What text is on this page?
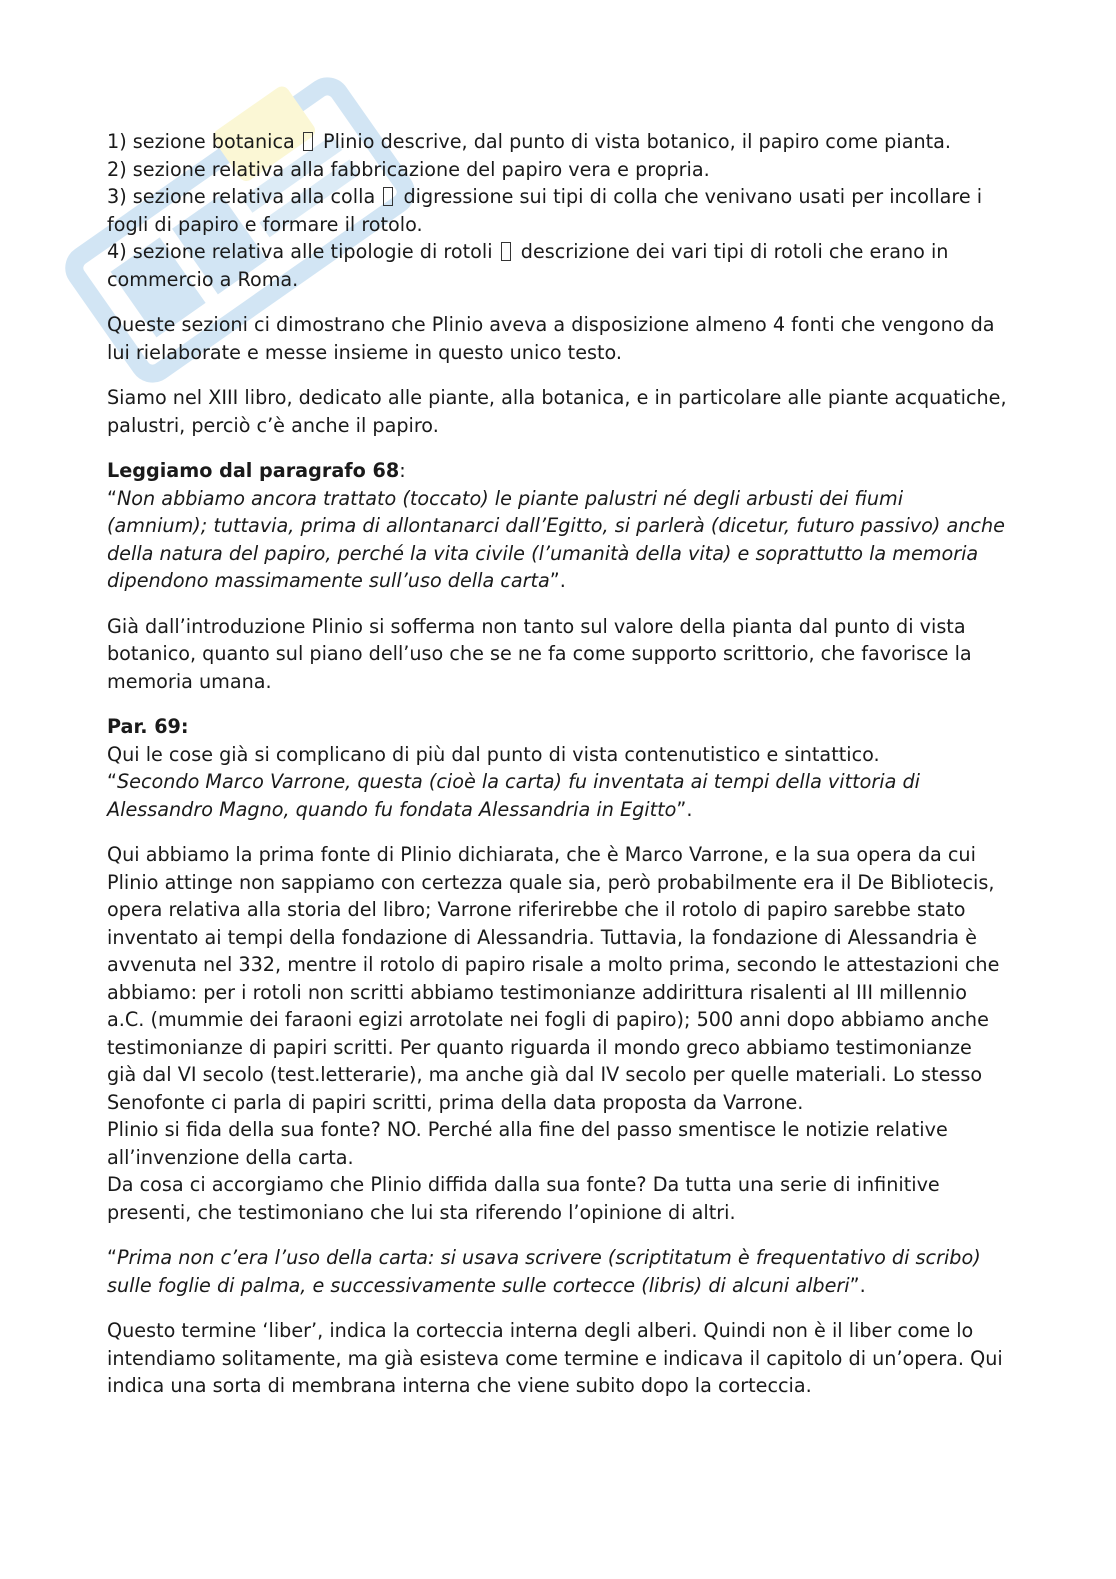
1) sezione botanica Plinio descrive, dal punto di vista botanico, il papiro come pianta.

2) sezione relativa alla fabbricazione del papiro vera e propria.

3) sezione relativa alla colla digressione sui tipi di colla che venivano usati per incollare i fogli di papiro e formare il rotolo.

4) sezione relativa alle tipologie di rotoli descrizione dei vari tipi di rotoli che erano in commercio a Roma.

Queste sezioni ci dimostrano che Plinio aveva a disposizione almeno 4 fonti che vengono da lui rielaborate e messe insieme in questo unico testo.

Siamo nel XIII libro, dedicato alle piante, alla botanica, e in particolare alle piante acquatiche, palustri, perciò c’è anche il papiro.

Leggiamo dal paragrafo 68:
“Non abbiamo ancora trattato (toccato) le piante palustri né degli arbusti dei fiumi (amnium); tuttavia, prima di allontanarci dall’Egitto, si parlerà (dicetur, futuro passivo) anche della natura del papiro, perché la vita civile (l’umanità della vita) e soprattutto la memoria dipendono massimamente sull’uso della carta”.

Già dall’introduzione Plinio si sofferma non tanto sul valore della pianta dal punto di vista botanico, quanto sul piano dell’uso che se ne fa come supporto scrittorio, che favorisce la memoria umana.

Par. 69:
Qui le cose già si complicano di più dal punto di vista contenutistico e sintattico.
“Secondo Marco Varrone, questa (cioè la carta) fu inventata ai tempi della vittoria di Alessandro Magno, quando fu fondata Alessandria in Egitto”.

Qui abbiamo la prima fonte di Plinio dichiarata, che è Marco Varrone, e la sua opera da cui Plinio attinge non sappiamo con certezza quale sia, però probabilmente era il De Bibliotecis, opera relativa alla storia del libro; Varrone riferirebbe che il rotolo di papiro sarebbe stato inventato ai tempi della fondazione di Alessandria. Tuttavia, la fondazione di Alessandria è avvenuta nel 332, mentre il rotolo di papiro risale a molto prima, secondo le attestazioni che abbiamo: per i rotoli non scritti abbiamo testimonianze addirittura risalenti al III millennio a.C. (mummie dei faraoni egizi arrotolate nei fogli di papiro); 500 anni dopo abbiamo anche testimonianze di papiri scritti. Per quanto riguarda il mondo greco abbiamo testimonianze già dal VI secolo (test.letterarie), ma anche già dal IV secolo per quelle materiali. Lo stesso Senofonte ci parla di papiri scritti, prima della data proposta da Varrone.

Plinio si fida della sua fonte? NO. Perché alla fine del passo smentisce le notizie relative all’invenzione della carta.

Da cosa ci accorgiamo che Plinio diffida dalla sua fonte? Da tutta una serie di infinitive presenti, che testimoniano che lui sta riferendo l’opinione di altri.

“Prima non c’era l’uso della carta: si usava scrivere (scriptitatum è frequentativo di scribo) sulle foglie di palma, e successivamente sulle cortecce (libris) di alcuni alberi”.

Questo termine ‘liber’, indica la corteccia interna degli alberi. Quindi non è il liber come lo intendiamo solitamente, ma già esisteva come termine e indicava il capitolo di un’opera. Qui indica una sorta di membrana interna che viene subito dopo la corteccia.
